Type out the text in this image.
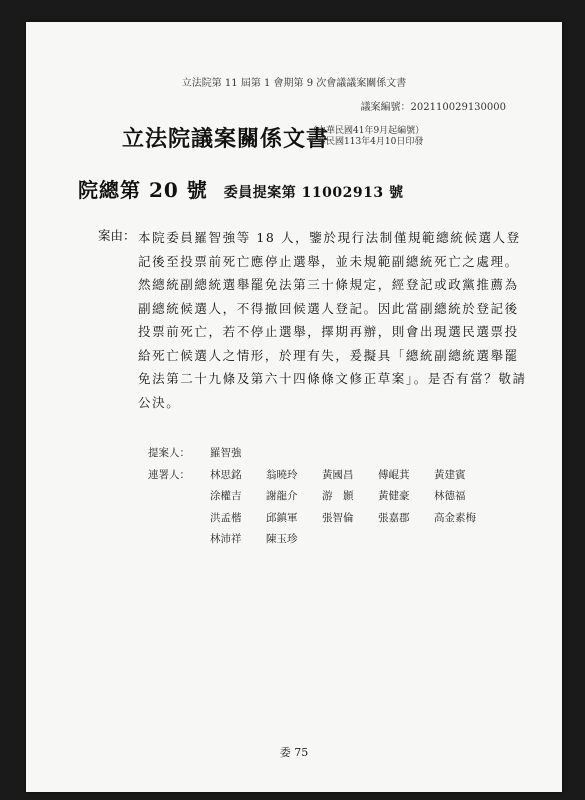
立法院第 11 屆第 1 會期第 9 次會議議案關係文書
議案編號：202110029130000
立法院議案關係文書
（中華民國41年9月起編號）
中華民國113年4月10日印發
院總第 20 號 委員提案第 11002913 號
案由： 本院委員羅智強等 18 人，鑒於現行法制僅規範總統候選人登記後至投票前死亡應停止選舉，並未規範副總統死亡之處理。然總統副總統選舉罷免法第三十條規定，經登記或政黨推薦為副總統候選人，不得撤回候選人登記。因此當副總統於登記後投票前死亡，若不停止選舉，擇期再辦，則會出現選民選票投給死亡候選人之情形，於理有失，爰擬具「總統副總統選舉罷免法第二十九條及第六十四條條文修正草案」。是否有當？敬請公決。
提案人：	羅智強
連署人：	林思銘	翁曉玲	黃國昌	傅崐萁	黃建賓
涂權吉	謝龍介	游　顥	黃健豪	林德福
洪孟楷	邱鎮軍	張智倫	張嘉郡	高金素梅
林沛祥	陳玉珍
委 75
